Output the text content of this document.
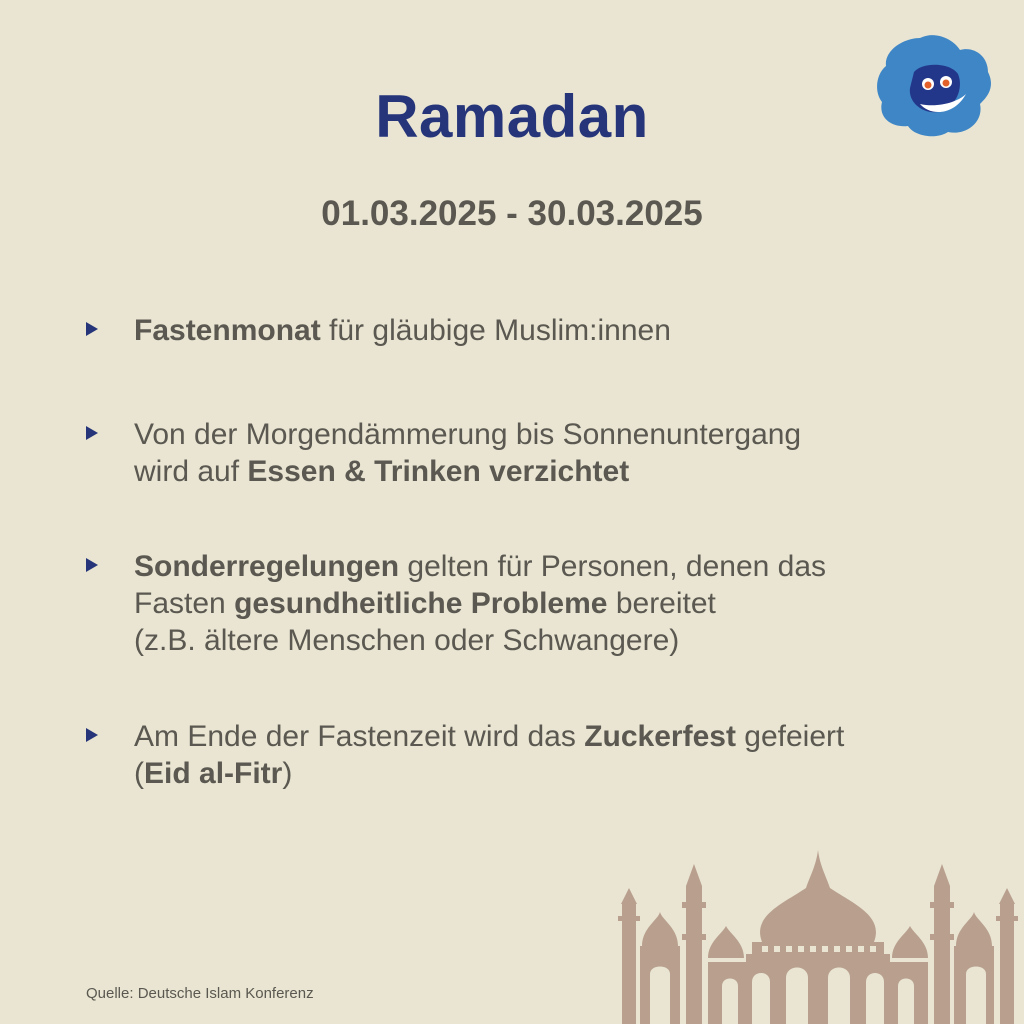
Ramadan
01.03.2025 - 30.03.2025
Fastenmonat für gläubige Muslim:innen
Von der Morgendämmerung bis Sonnenuntergang
wird auf Essen & Trinken verzichtet
Sonderregelungen gelten für Personen, denen das
Fasten gesundheitliche Probleme bereitet
(z.B. ältere Menschen oder Schwangere)
Am Ende der Fastenzeit wird das Zuckerfest gefeiert
(Eid al-Fitr)
Quelle: Deutsche Islam Konferenz
